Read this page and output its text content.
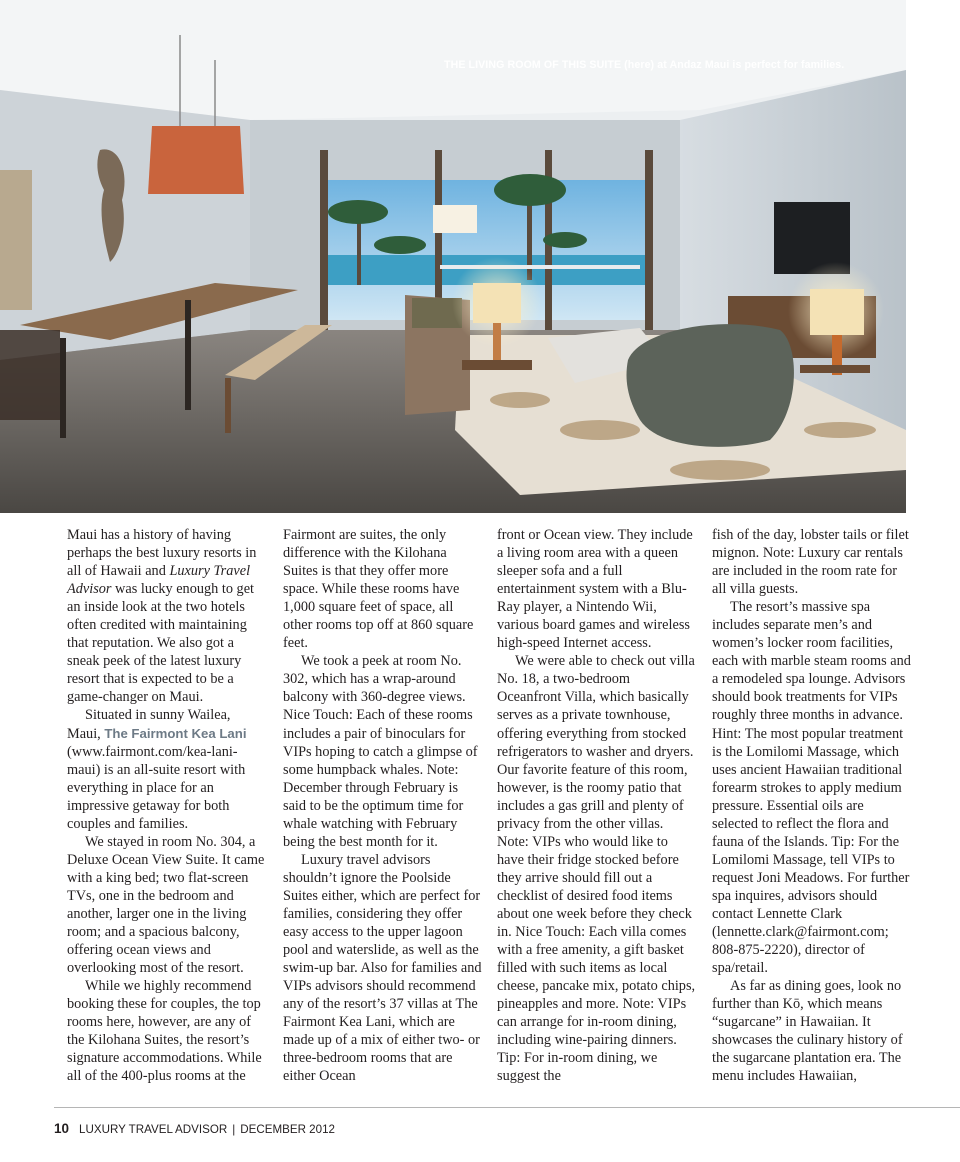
THE LIVING ROOM OF THIS SUITE (here) at Andaz Maui is perfect for families.

Maui has a history of having perhaps the best luxury resorts in all of Hawaii and Luxury Travel Advisor was lucky enough to get an inside look at the two hotels often credited with maintaining that reputation. We also got a sneak peek of the latest luxury resort that is expected to be a game-changer on Maui.

Situated in sunny Wailea, Maui, The Fairmont Kea Lani (www.fairmont.com/kea-lani-maui) is an all-suite resort with everything in place for an impressive getaway for both couples and families.

We stayed in room No. 304, a Deluxe Ocean View Suite. It came with a king bed; two flat-screen TVs, one in the bedroom and another, larger one in the living room; and a spacious balcony, offering ocean views and overlooking most of the resort.

While we highly recommend booking these for couples, the top rooms here, however, are any of the Kilohana Suites, the resort’s signature accommodations. While all of the 400-plus rooms at the

Fairmont are suites, the only difference with the Kilohana Suites is that they offer more space. While these rooms have 1,000 square feet of space, all other rooms top off at 860 square feet.

We took a peek at room No. 302, which has a wrap-around balcony with 360-degree views. Nice Touch: Each of these rooms includes a pair of binoculars for VIPs hoping to catch a glimpse of some humpback whales. Note: December through February is said to be the optimum time for whale watching with February being the best month for it.

Luxury travel advisors shouldn’t ignore the Poolside Suites either, which are perfect for families, considering they offer easy access to the upper lagoon pool and waterslide, as well as the swim-up bar. Also for families and VIPs advisors should recommend any of the resort’s 37 villas at The Fairmont Kea Lani, which are made up of a mix of either two- or three-bedroom rooms that are either Ocean

front or Ocean view. They include a living room area with a queen sleeper sofa and a full entertainment system with a Blu-Ray player, a Nintendo Wii, various board games and wireless high-speed Internet access.

We were able to check out villa No. 18, a two-bedroom Oceanfront Villa, which basically serves as a private townhouse, offering everything from stocked refrigerators to washer and dryers. Our favorite feature of this room, however, is the roomy patio that includes a gas grill and plenty of privacy from the other villas. Note: VIPs who would like to have their fridge stocked before they arrive should fill out a checklist of desired food items about one week before they check in. Nice Touch: Each villa comes with a free amenity, a gift basket filled with such items as local cheese, pancake mix, potato chips, pineapples and more. Note: VIPs can arrange for in-room dining, including wine-pairing dinners. Tip: For in-room dining, we suggest the

fish of the day, lobster tails or filet mignon. Note: Luxury car rentals are included in the room rate for all villa guests.

The resort’s massive spa includes separate men’s and women’s locker room facilities, each with marble steam rooms and a remodeled spa lounge. Advisors should book treatments for VIPs roughly three months in advance. Hint: The most popular treatment is the Lomilomi Massage, which uses ancient Hawaiian traditional forearm strokes to apply medium pressure. Essential oils are selected to reflect the flora and fauna of the Islands. Tip: For the Lomilomi Massage, tell VIPs to request Joni Meadows. For further spa inquires, advisors should contact Lennette Clark (lennette.clark@fairmont.com; 808-875-2220), director of spa/retail.

As far as dining goes, look no further than Kō, which means “sugarcane” in Hawaiian. It showcases the culinary history of the sugarcane plantation era. The menu includes Hawaiian,

10 LUXURY TRAVEL ADVISOR | DECEMBER 2012
